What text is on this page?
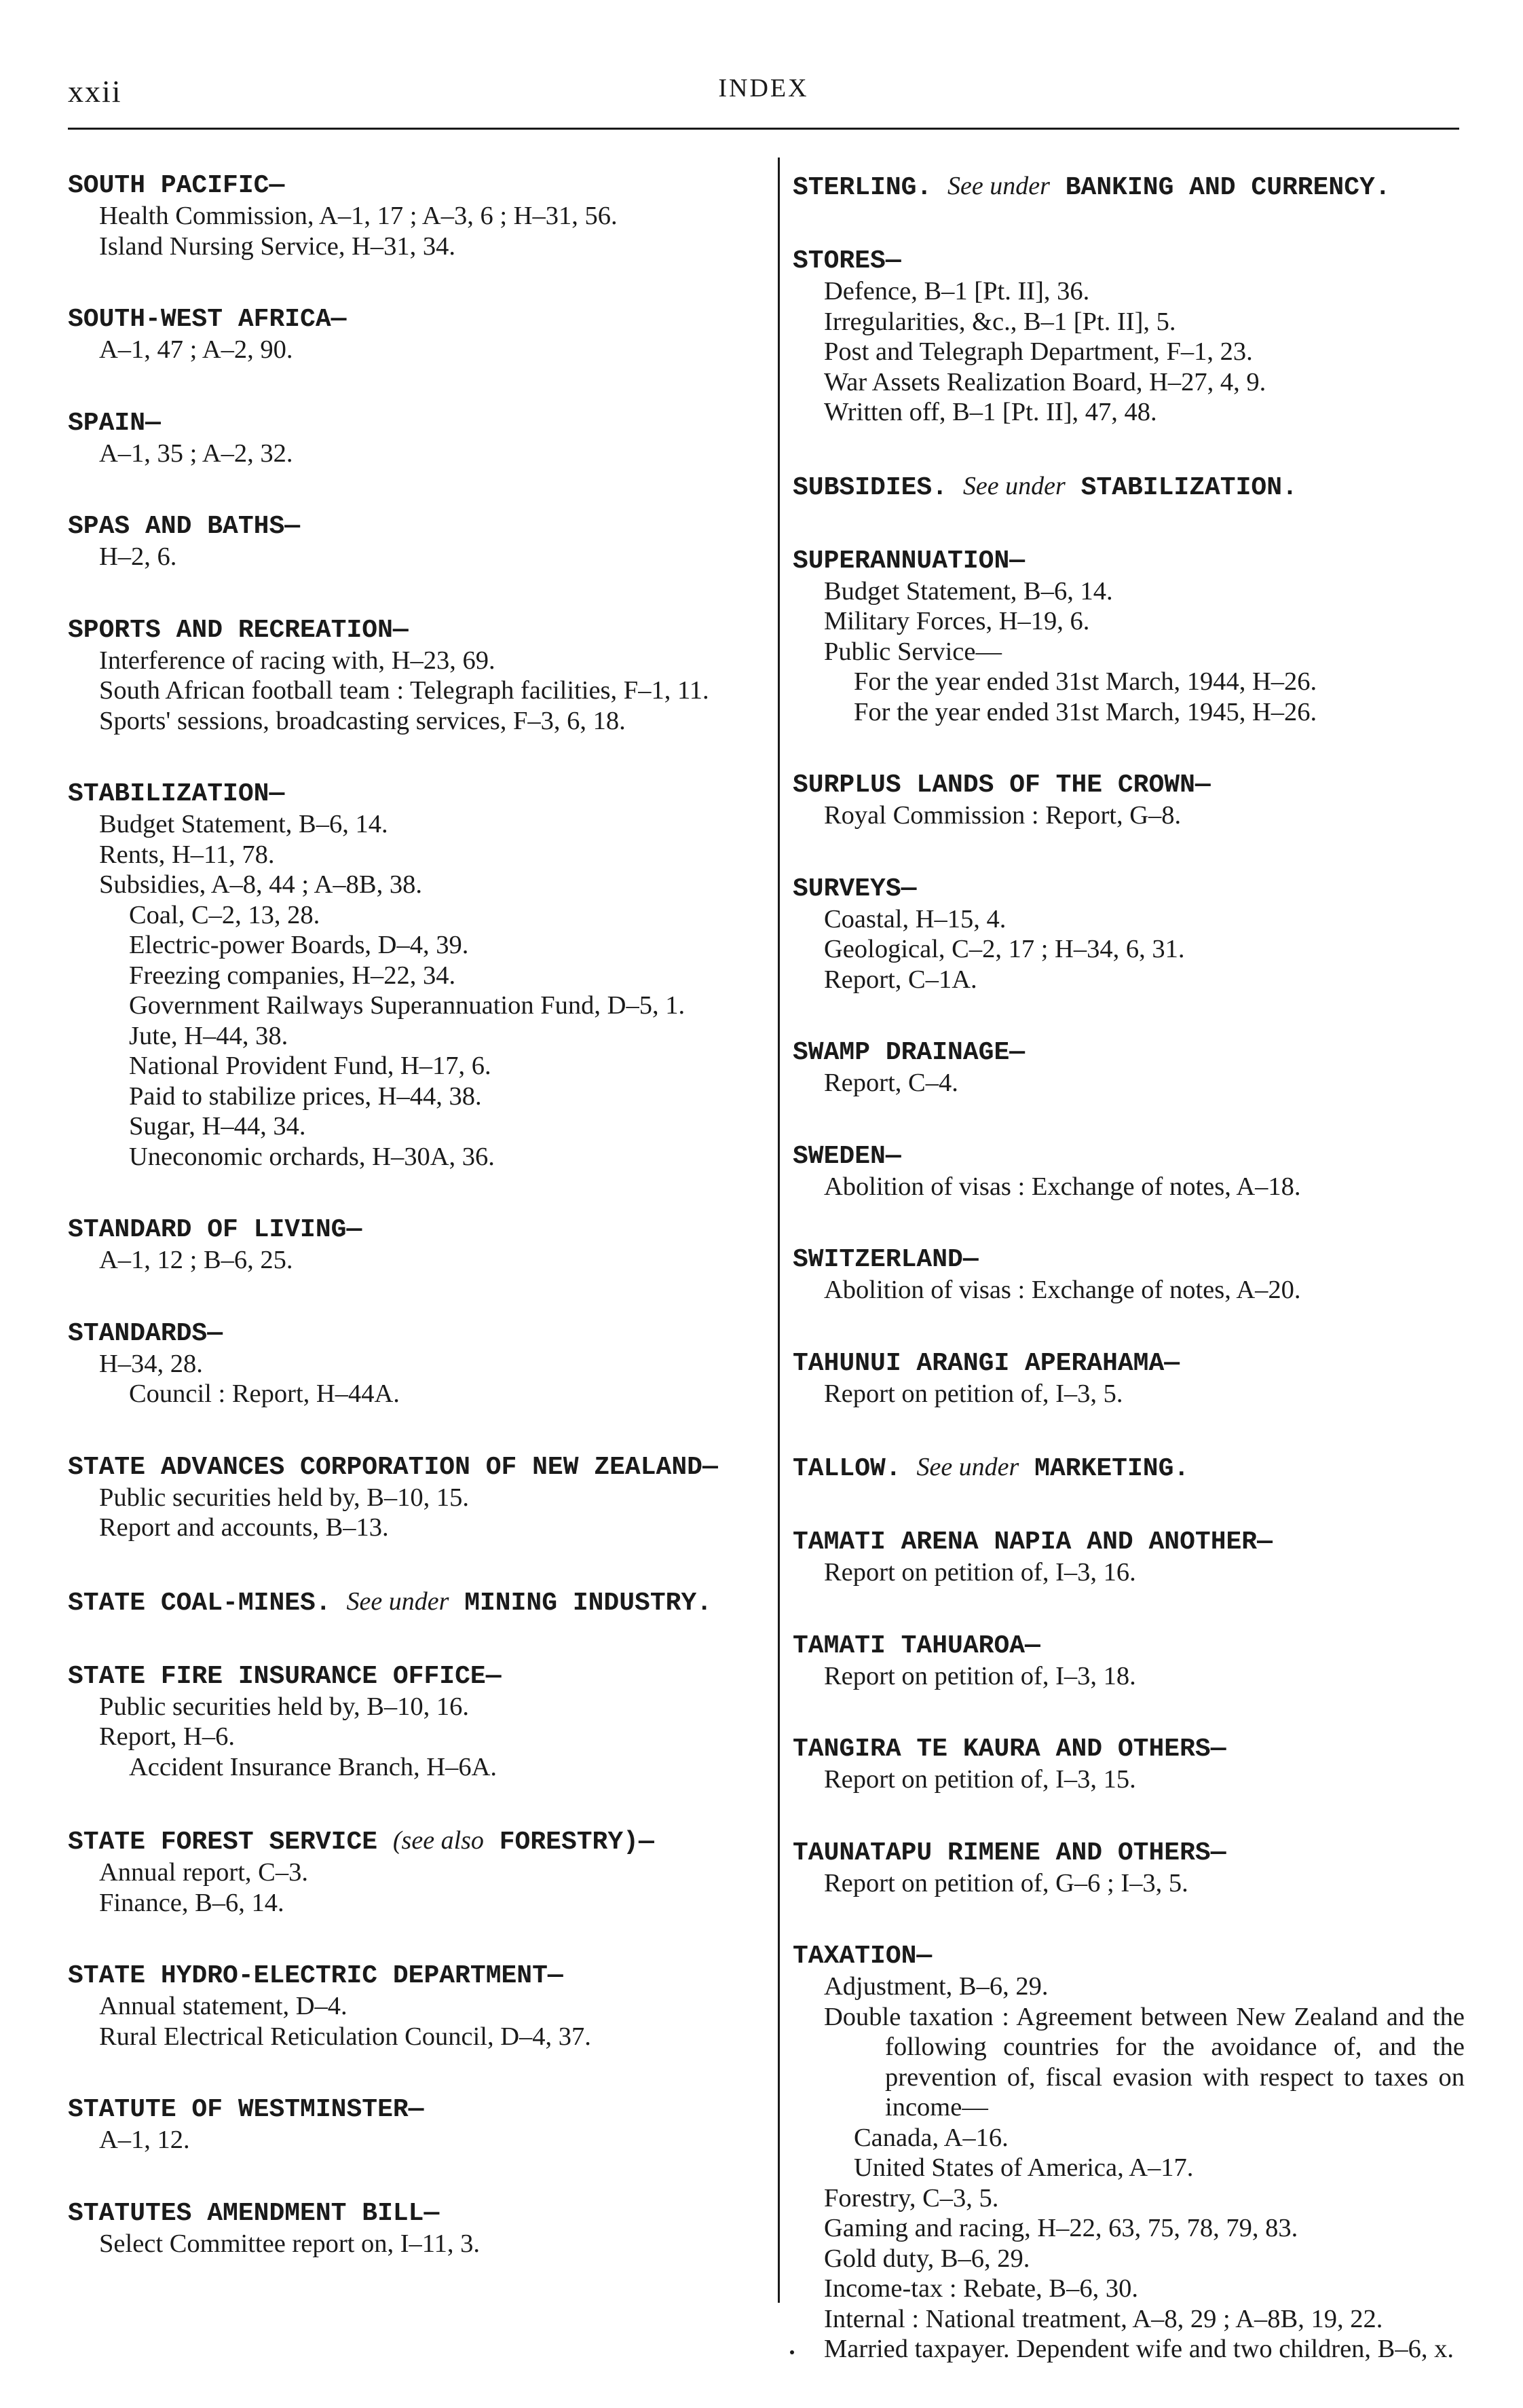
INDEX
xxii
SOUTH PACIFIC—
Health Commission, A–1, 17 ; A–3, 6 ; H–31, 56.
Island Nursing Service, H–31, 34.
SOUTH-WEST AFRICA—
A–1, 47 ; A–2, 90.
SPAIN—
A–1, 35 ; A–2, 32.
SPAS AND BATHS—
H–2, 6.
SPORTS AND RECREATION—
Interference of racing with, H–23, 69.
South African football team : Telegraph facilities, F–1, 11.
Sports' sessions, broadcasting services, F–3, 6, 18.
STABILIZATION—
Budget Statement, B–6, 14.
Rents, H–11, 78.
Subsidies, A–8, 44 ; A–8B, 38.
Coal, C–2, 13, 28.
Electric-power Boards, D–4, 39.
Freezing companies, H–22, 34.
Government Railways Superannuation Fund, D–5, 1.
Jute, H–44, 38.
National Provident Fund, H–17, 6.
Paid to stabilize prices, H–44, 38.
Sugar, H–44, 34.
Uneconomic orchards, H–30A, 36.
STANDARD OF LIVING—
A–1, 12 ; B–6, 25.
STANDARDS—
H–34, 28.
Council : Report, H–44A.
STATE ADVANCES CORPORATION OF NEW ZEALAND—
Public securities held by, B–10, 15.
Report and accounts, B–13.
STATE COAL-MINES. See under MINING INDUSTRY.
STATE FIRE INSURANCE OFFICE—
Public securities held by, B–10, 16.
Report, H–6.
Accident Insurance Branch, H–6A.
STATE FOREST SERVICE (see also FORESTRY)—
Annual report, C–3.
Finance, B–6, 14.
STATE HYDRO-ELECTRIC DEPARTMENT—
Annual statement, D–4.
Rural Electrical Reticulation Council, D–4, 37.
STATUTE OF WESTMINSTER—
A–1, 12.
STATUTES AMENDMENT BILL—
Select Committee report on, I–11, 3.
STERLING. See under BANKING AND CURRENCY.
STORES—
Defence, B–1 [Pt. II], 36.
Irregularities, &c., B–1 [Pt. II], 5.
Post and Telegraph Department, F–1, 23.
War Assets Realization Board, H–27, 4, 9.
Written off, B–1 [Pt. II], 47, 48.
SUBSIDIES. See under STABILIZATION.
SUPERANNUATION—
Budget Statement, B–6, 14.
Military Forces, H–19, 6.
Public Service—
For the year ended 31st March, 1944, H–26.
For the year ended 31st March, 1945, H–26.
SURPLUS LANDS OF THE CROWN—
Royal Commission : Report, G–8.
SURVEYS—
Coastal, H–15, 4.
Geological, C–2, 17 ; H–34, 6, 31.
Report, C–1A.
SWAMP DRAINAGE—
Report, C–4.
SWEDEN—
Abolition of visas : Exchange of notes, A–18.
SWITZERLAND—
Abolition of visas : Exchange of notes, A–20.
TAHUNUI ARANGI APERAHAMA—
Report on petition of, I–3, 5.
TALLOW. See under MARKETING.
TAMATI ARENA NAPIA AND ANOTHER—
Report on petition of, I–3, 16.
TAMATI TAHUAROA—
Report on petition of, I–3, 18.
TANGIRA TE KAURA AND OTHERS—
Report on petition of, I–3, 15.
TAUNATAPU RIMENE AND OTHERS—
Report on petition of, G–6 ; I–3, 5.
TAXATION—
Adjustment, B–6, 29.
Double taxation : Agreement between New Zealand and the following countries for the avoidance of, and the prevention of, fiscal evasion with respect to taxes on income—
Canada, A–16.
United States of America, A–17.
Forestry, C–3, 5.
Gaming and racing, H–22, 63, 75, 78, 79, 83.
Gold duty, B–6, 29.
Income-tax : Rebate, B–6, 30.
Internal : National treatment, A–8, 29 ; A–8B, 19, 22.
Married taxpayer. Dependent wife and two children, B–6, x.
